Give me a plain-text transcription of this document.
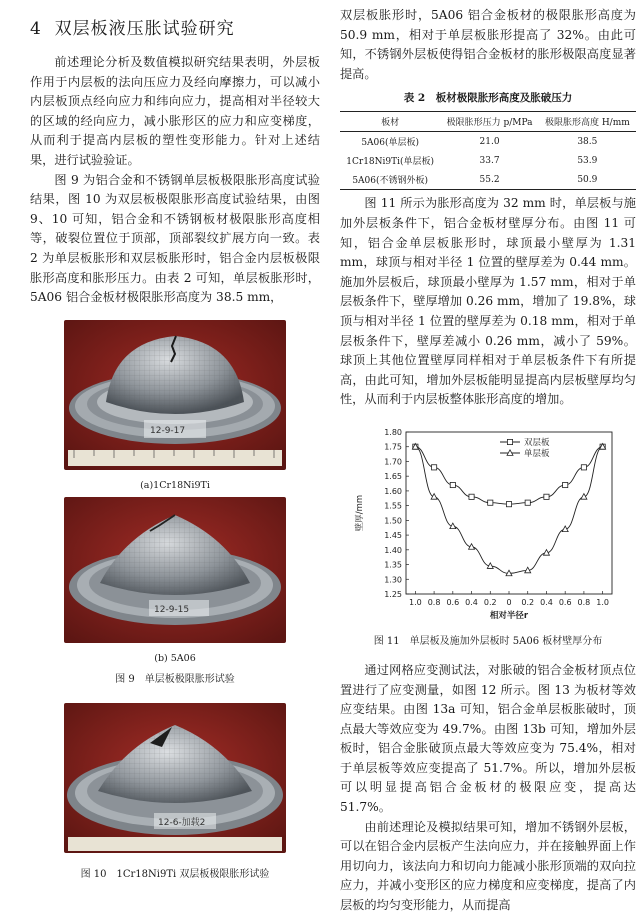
4 双层板液压胀试验研究

前述理论分析及数值模拟研究结果表明，外层板作用于内层板的法向压应力及经向摩擦力，可以减小内层板顶点经向应力和纬向应力，提高相对半径较大的区域的经向应力，减小胀形区的应力和应变梯度，从而利于提高内层板的塑性变形能力。针对上述结果，进行试验验证。

图 9 为铝合金和不锈钢单层板极限胀形高度试验结果，图 10 为双层板极限胀形高度试验结果，由图 9、10 可知，铝合金和不锈钢板材极限胀形高度相等，破裂位置位于顶部，顶部裂纹扩展方向一致。表 2 为单层板胀形和双层板胀形时，铝合金内层板极限胀形高度和胀形压力。由表 2 可知，单层板胀形时，5A06 铝合金板材极限胀形高度为 38.5 mm，

12-9-17
(a)1Cr18Ni9Ti
12-9-15
(b) 5A06
图 9　单层板极限胀形试验
12-6-加载2
图 10　1Cr18Ni9Ti 双层板极限胀形试验

双层板胀形时，5A06 铝合金板材的极限胀形高度为 50.9 mm，相对于单层板胀形提高了 32%。由此可知，不锈钢外层板使得铝合金板材的胀形极限高度显著提高。

表 2　板材极限胀形高度及胀破压力
板材	极限胀形压力 p/MPa	极限胀形高度 H/mm
5A06(单层板)	21.0	38.5
1Cr18Ni9Ti(单层板)	33.7	53.9
5A06(不锈钢外板)	55.2	50.9

图 11 所示为胀形高度为 32 mm 时，单层板与施加外层板条件下，铝合金板材壁厚分布。由图 11 可知，铝合金单层板胀形时，球顶最小壁厚为 1.31 mm，球顶与相对半径 1 位置的壁厚差为 0.44 mm。施加外层板后，球顶最小壁厚为 1.57 mm，相对于单层板条件下，壁厚增加 0.26 mm，增加了 19.8%，球顶与相对半径 1 位置的壁厚差为 0.18 mm，相对于单层板条件下，壁厚差减小 0.26 mm，减小了 59%。球顶上其他位置壁厚同样相对于单层板条件下有所提高，由此可知，增加外层板能明显提高内层板壁厚均匀性，从而利于内层板整体胀形高度的增加。

1.25
1.30
1.35
1.40
1.45
1.50
1.55
1.60
1.65
1.70
1.75
1.80
1.0 0.8 0.6 0.4 0.2 0 0.2 0.4 0.6 0.8 1.0
相对半径r
壁厚/mm
双层板
单层板
图 11　单层板及施加外层板时 5A06 板材壁厚分布

通过网格应变测试法，对胀破的铝合金板材顶点位置进行了应变测量，如图 12 所示。图 13 为板材等效应变结果。由图 13a 可知，铝合金单层板胀破时，顶点最大等效应变为 49.7%。由图 13b 可知，增加外层板时，铝合金胀破顶点最大等效应变为 75.4%，相对于单层板等效应变提高了 51.7%。所以，增加外层板可以明显提高铝合金板材的极限应变，提高达 51.7%。

由前述理论及模拟结果可知，增加不锈钢外层板，可以在铝合金内层板产生法向应力，并在接触界面上作用切向力，该法向力和切向力能减小胀形顶端的双向拉应力，并减小变形区的应力梯度和应变梯度，提高了内层板的均匀变形能力，从而提高
